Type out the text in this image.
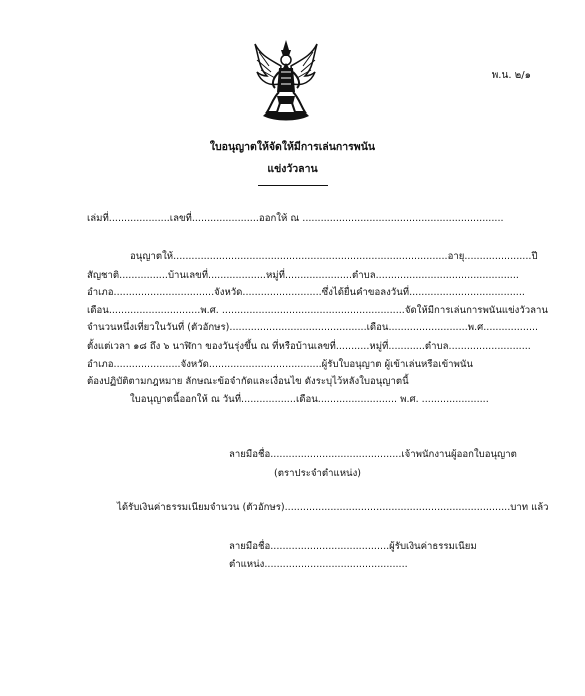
พ.น. ๒/๑
ใบอนุญาตให้จัดให้มีการเล่นการพนัน
แข่งวัวลาน
เล่มที่....................เลขที่......................ออกให้ ณ ..................................................................
อนุญาตให้..........................................................................................อายุ......................ปี
สัญชาติ................บ้านเลขที่...................หมู่ที่......................ตำบล...............................................
อำเภอ.................................จังหวัด..........................ซึ่งได้ยื่นคำขอลงวันที่......................................
เดือน..............................พ.ศ. ............................................................จัดให้มีการเล่นการพนันแข่งวัวลาน
จำนวนหนึ่งเที่ยวในวันที่ (ตัวอักษร).............................................เดือน..........................พ.ศ..................
ตั้งแต่เวลา ๑๘ ถึง ๖ นาฬิกา ของวันรุ่งขึ้น ณ ที่หรือบ้านเลขที่...........หมู่ที่............ตำบล...........................
อำเภอ......................จังหวัด.....................................ผู้รับใบอนุญาต ผู้เข้าเล่นหรือเข้าพนัน
ต้องปฏิบัติตามกฎหมาย ลักษณะข้อจำกัดและเงื่อนไข ดังระบุไว้หลังใบอนุญาตนี้
ใบอนุญาตนี้ออกให้ ณ วันที่..................เดือน.......................... พ.ศ. ......................
ลายมือชื่อ...........................................เจ้าพนักงานผู้ออกใบอนุญาต
(ตราประจำตำแหน่ง)
ได้รับเงินค่าธรรมเนียมจำนวน (ตัวอักษร)..........................................................................บาท แล้ว
ลายมือชื่อ.......................................ผู้รับเงินค่าธรรมเนียม
ตำแหน่ง...............................................
